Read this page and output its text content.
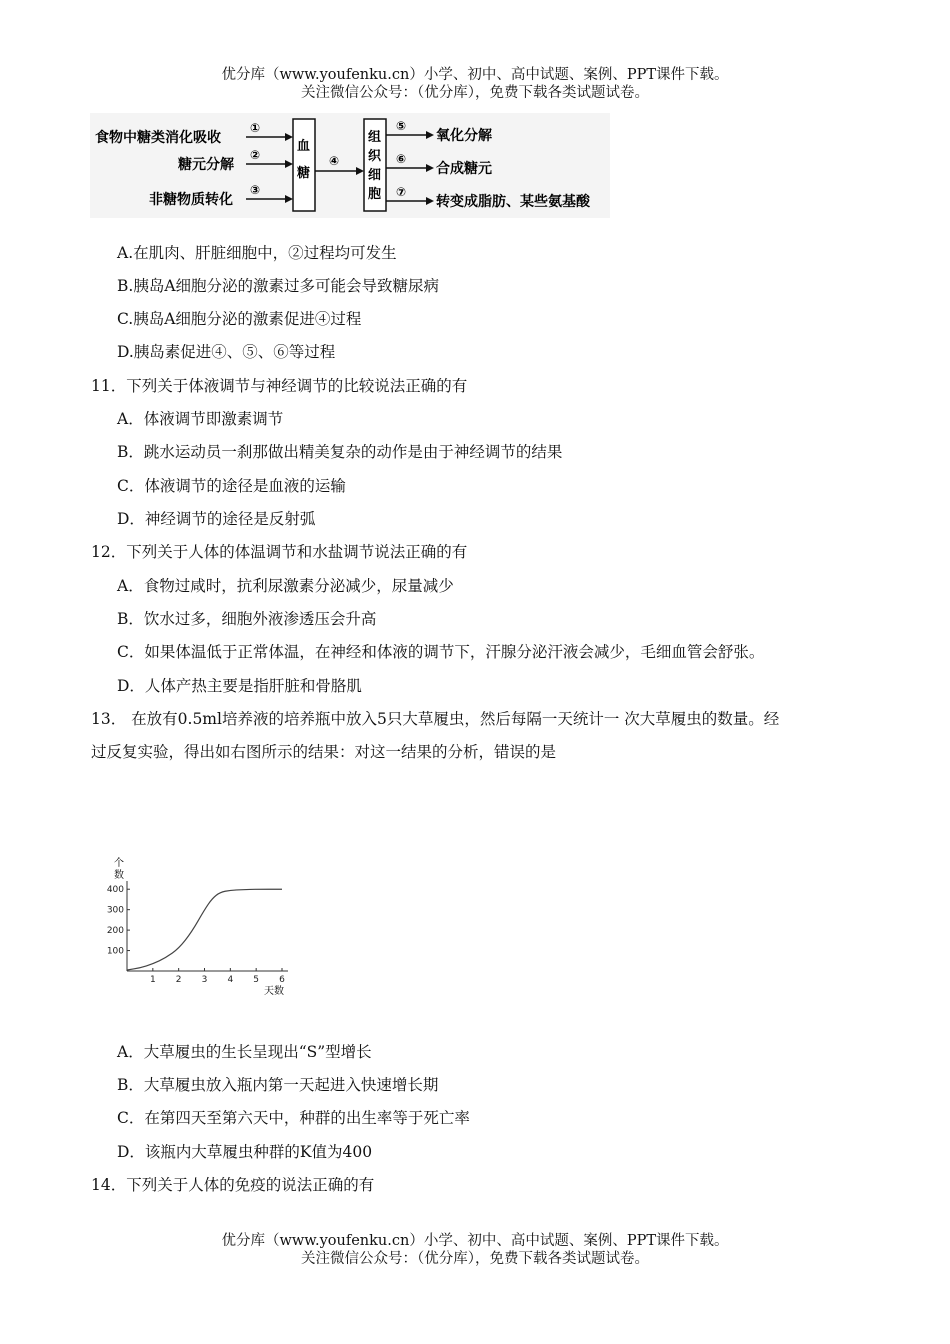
优分库（www.youfenku.cn）小学、初中、高中试题、案例、PPT课件下载。
关注微信公众号：（优分库），免费下载各类试题试卷。
食物中糖类消化吸收
糖元分解
非糖物质转化
①
②
③
血
糖
④
组
织
细
胞
⑤
⑥
⑦
氧化分解
合成糖元
转变成脂肪、某些氨基酸
A.在肌肉、肝脏细胞中，②过程均可发生
B.胰岛A细胞分泌的激素过多可能会导致糖尿病
C.胰岛A细胞分泌的激素促进④过程
D.胰岛素促进④、⑤、⑥等过程
11．下列关于体液调节与神经调节的比较说法正确的有
A．体液调节即激素调节
B．跳水运动员一刹那做出精美复杂的动作是由于神经调节的结果
C．体液调节的途径是血液的运输
D．神经调节的途径是反射弧
12．下列关于人体的体温调节和水盐调节说法正确的有
A．食物过咸时，抗利尿激素分泌减少，尿量减少
B．饮水过多，细胞外液渗透压会升高
C．如果体温低于正常体温，在神经和体液的调节下，汗腺分泌汗液会减少，毛细血管会舒张。
D．人体产热主要是指肝脏和骨胳肌
13． 在放有0.5ml培养液的培养瓶中放入5只大草履虫，然后每隔一天统计一 次大草履虫的数量。经
过反复实验，得出如右图所示的结果：对这一结果的分析，错误的是
个
数
天数
100
200
300
400
1 2 3 4 5 6
A．大草履虫的生长呈现出“S”型增长
B．大草履虫放入瓶内第一天起进入快速增长期
C．在第四天至第六天中，种群的出生率等于死亡率
D．该瓶内大草履虫种群的K值为400
14．下列关于人体的免疫的说法正确的有
优分库（www.youfenku.cn）小学、初中、高中试题、案例、PPT课件下载。
关注微信公众号：（优分库），免费下载各类试题试卷。
